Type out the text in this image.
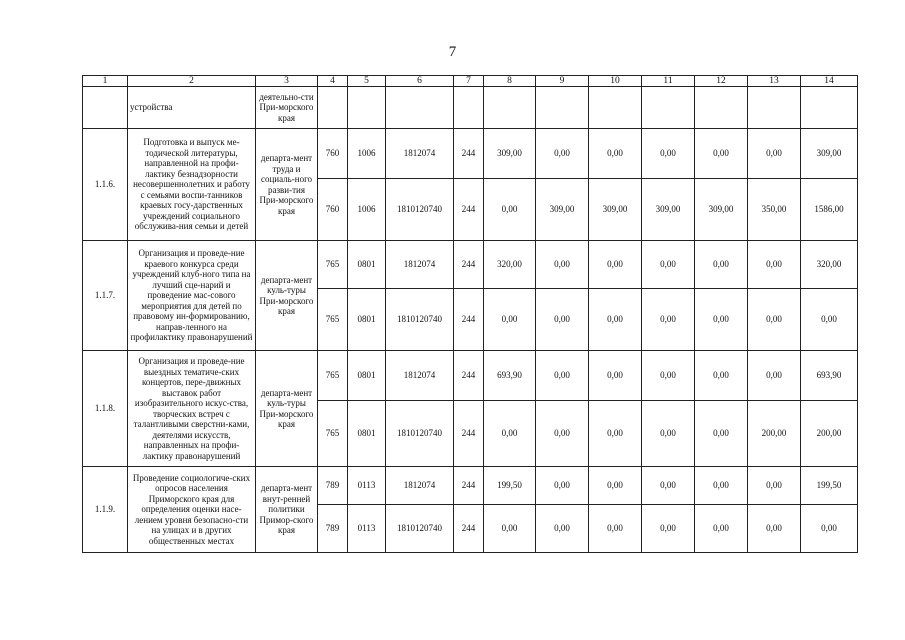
7
1	2	3	4	5	6	7	8	9	10	11	12	13	14
	устройства	деятельно-сти При-морского края											
1.1.6.	Подготовка и выпуск ме-тодической литературы, направленной на профи-лактику безнадзорности несовершеннолетних и работу с семьями воспи-танников краевых госу-дарственных учреждений социального обслужива-ния семьи и детей	департа-мент труда и социаль-ного разви-тия При-морского края	760	1006	1812074	244	309,00	0,00	0,00	0,00	0,00	0,00	309,00
			760	1006	1810120740	244	0,00	309,00	309,00	309,00	309,00	350,00	1586,00
1.1.7.	Организация и проведе-ние краевого конкурса среди учреждений клуб-ного типа на лучший сце-нарий и проведение мас-сового мероприятия для детей по правовому ин-формированию, направ-ленного на профилактику правонарушений	департа-мент куль-туры При-морского края	765	0801	1812074	244	320,00	0,00	0,00	0,00	0,00	0,00	320,00
			765	0801	1810120740	244	0,00	0,00	0,00	0,00	0,00	0,00	0,00
1.1.8.	Организация и проведе-ние выездных тематиче-ских концертов, пере-движных выставок работ изобразительного искус-ства, творческих встреч с талантливыми сверстни-ками, деятелями искусств, направленных на профи-лактику правонарушений	департа-мент куль-туры При-морского края	765	0801	1812074	244	693,90	0,00	0,00	0,00	0,00	0,00	693,90
			765	0801	1810120740	244	0,00	0,00	0,00	0,00	0,00	200,00	200,00
1.1.9.	Проведение социологиче-ских опросов населения Приморского края для определения оценки насе-лением уровня безопасно-сти на улицах и в других общественных местах	департа-мент внут-ренней политики Примор-ского края	789	0113	1812074	244	199,50	0,00	0,00	0,00	0,00	0,00	199,50
			789	0113	1810120740	244	0,00	0,00	0,00	0,00	0,00	0,00	0,00
